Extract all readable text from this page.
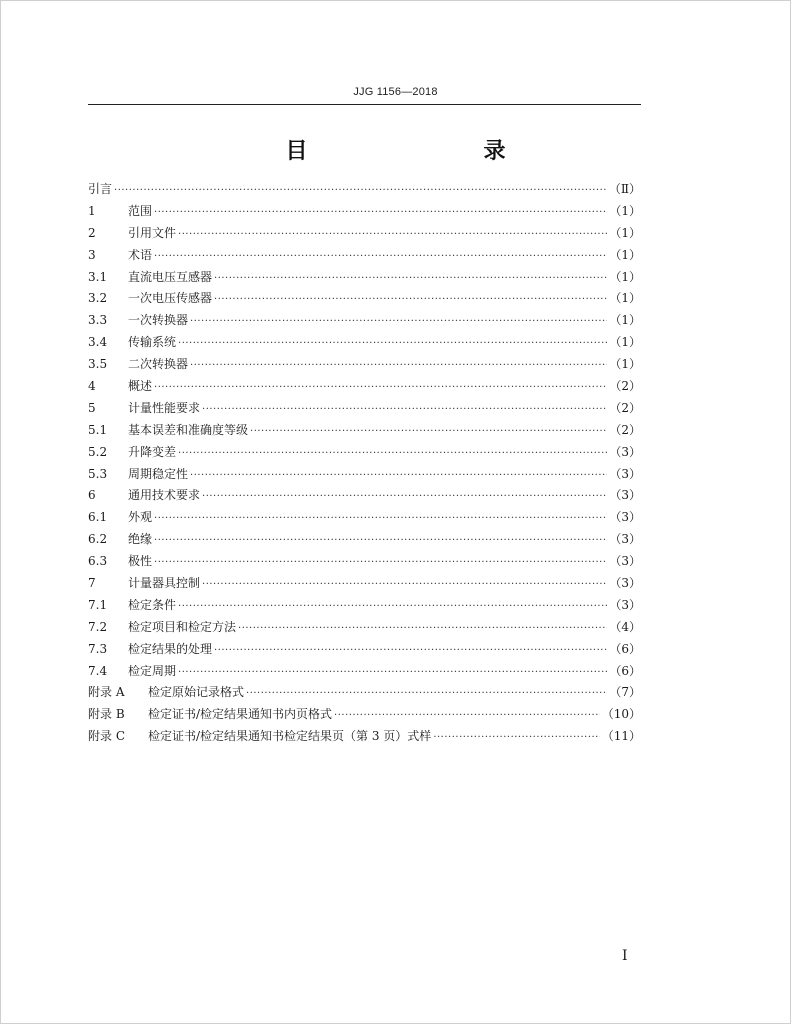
JJG 1156—2018
目　　录
引言 ·····	（Ⅱ）
1	范围 ·····	（1）
2	引用文件 ·····	（1）
3	术语 ·····	（1）
3.1	直流电压互感器 ·····	（1）
3.2	一次电压传感器 ·····	（1）
3.3	一次转换器 ·····	（1）
3.4	传输系统 ·····	（1）
3.5	二次转换器 ·····	（1）
4	概述 ·····	（2）
5	计量性能要求 ·····	（2）
5.1	基本误差和准确度等级 ·····	（2）
5.2	升降变差 ·····	（3）
5.3	周期稳定性 ·····	（3）
6	通用技术要求 ·····	（3）
6.1	外观 ·····	（3）
6.2	绝缘 ·····	（3）
6.3	极性 ·····	（3）
7	计量器具控制 ·····	（3）
7.1	检定条件 ·····	（3）
7.2	检定项目和检定方法 ·····	（4）
7.3	检定结果的处理 ·····	（6）
7.4	检定周期 ·····	（6）
附录 A	检定原始记录格式 ·····	（7）
附录 B	检定证书/检定结果通知书内页格式 ·····	（10）
附录 C	检定证书/检定结果通知书检定结果页（第 3 页）式样 ·····	（11）
Ⅰ
